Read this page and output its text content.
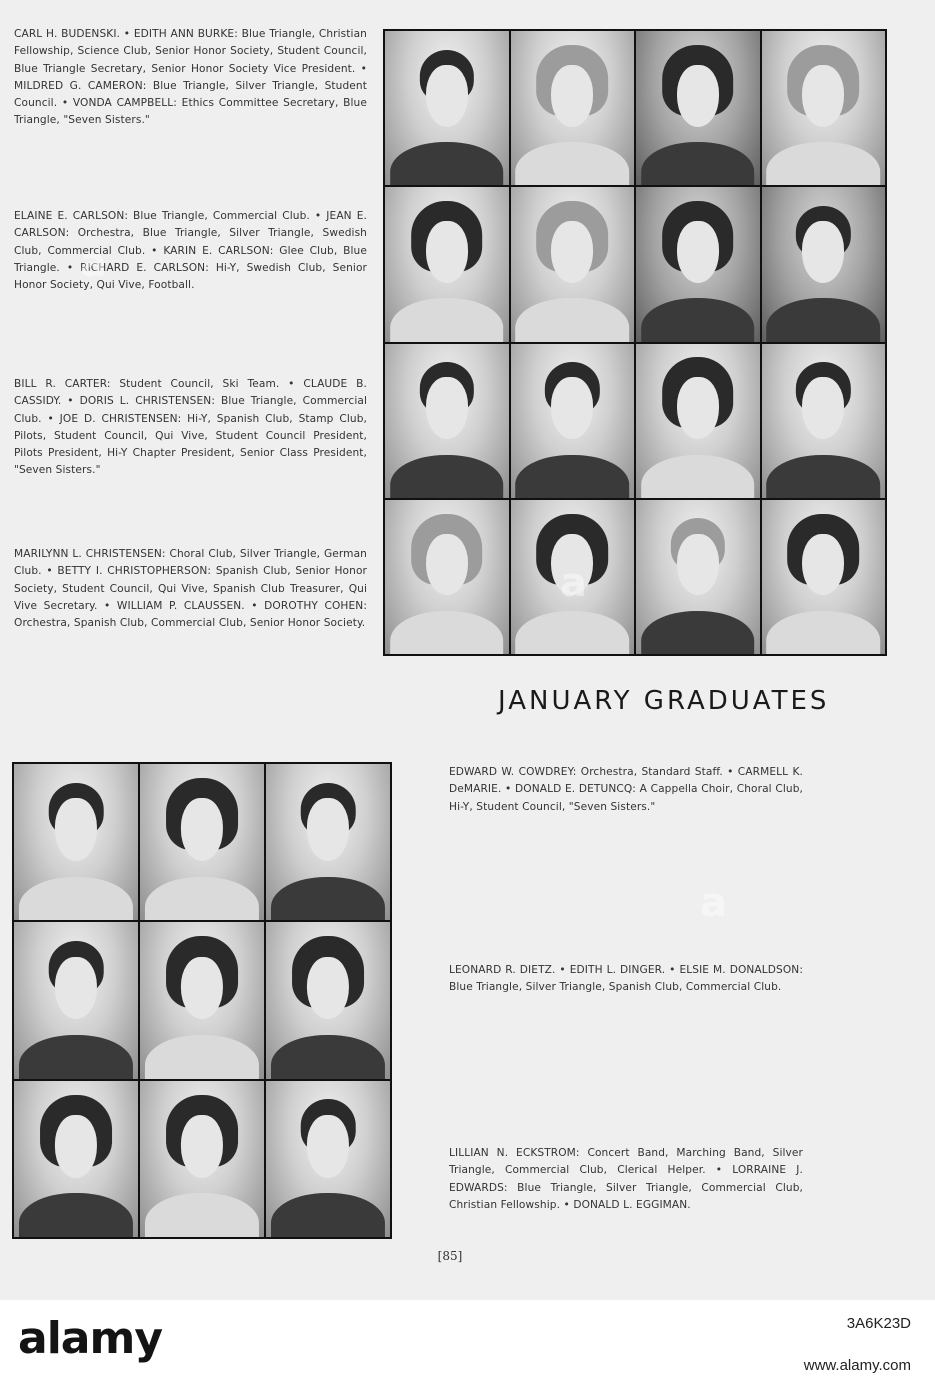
CARL H. BUDENSKI. • EDITH ANN BURKE: Blue Triangle, Christian Fellowship, Science Club, Senior Honor Society, Student Council, Blue Triangle Secretary, Senior Honor Society Vice President. • MILDRED G. CAMERON: Blue Triangle, Silver Triangle, Student Council. • VONDA CAMPBELL: Ethics Committee Secretary, Blue Triangle, "Seven Sisters."

ELAINE E. CARLSON: Blue Triangle, Commercial Club. • JEAN E. CARLSON: Orchestra, Blue Triangle, Silver Triangle, Swedish Club, Commercial Club. • KARIN E. CARLSON: Glee Club, Blue Triangle. • RICHARD E. CARLSON: Hi-Y, Swedish Club, Senior Honor Society, Qui Vive, Football.

BILL R. CARTER: Student Council, Ski Team. • CLAUDE B. CASSIDY. • DORIS L. CHRISTENSEN: Blue Triangle, Commercial Club. • JOE D. CHRISTENSEN: Hi-Y, Spanish Club, Stamp Club, Pilots, Student Council, Qui Vive, Student Council President, Pilots President, Hi-Y Chapter President, Senior Class President, "Seven Sisters."

MARILYNN L. CHRISTENSEN: Choral Club, Silver Triangle, German Club. • BETTY I. CHRISTOPHERSON: Spanish Club, Senior Honor Society, Student Council, Qui Vive, Spanish Club Treasurer, Qui Vive Secretary. • WILLIAM P. CLAUSSEN. • DOROTHY COHEN: Orchestra, Spanish Club, Commercial Club, Senior Honor Society.

JANUARY GRADUATES

EDWARD W. COWDREY: Orchestra, Standard Staff. • CARMELL K. DeMARIE. • DONALD E. DETUNCQ: A Cappella Choir, Choral Club, Hi-Y, Student Council, "Seven Sisters."

LEONARD R. DIETZ. • EDITH L. DINGER. • ELSIE M. DONALDSON: Blue Triangle, Silver Triangle, Spanish Club, Commercial Club.

LILLIAN N. ECKSTROM: Concert Band, Marching Band, Silver Triangle, Commercial Club, Clerical Helper. • LORRAINE J. EDWARDS: Blue Triangle, Silver Triangle, Commercial Club, Christian Fellowship. • DONALD L. EGGIMAN.

[85]
a
a
a

alamy	3A6K23D

www.alamy.com
